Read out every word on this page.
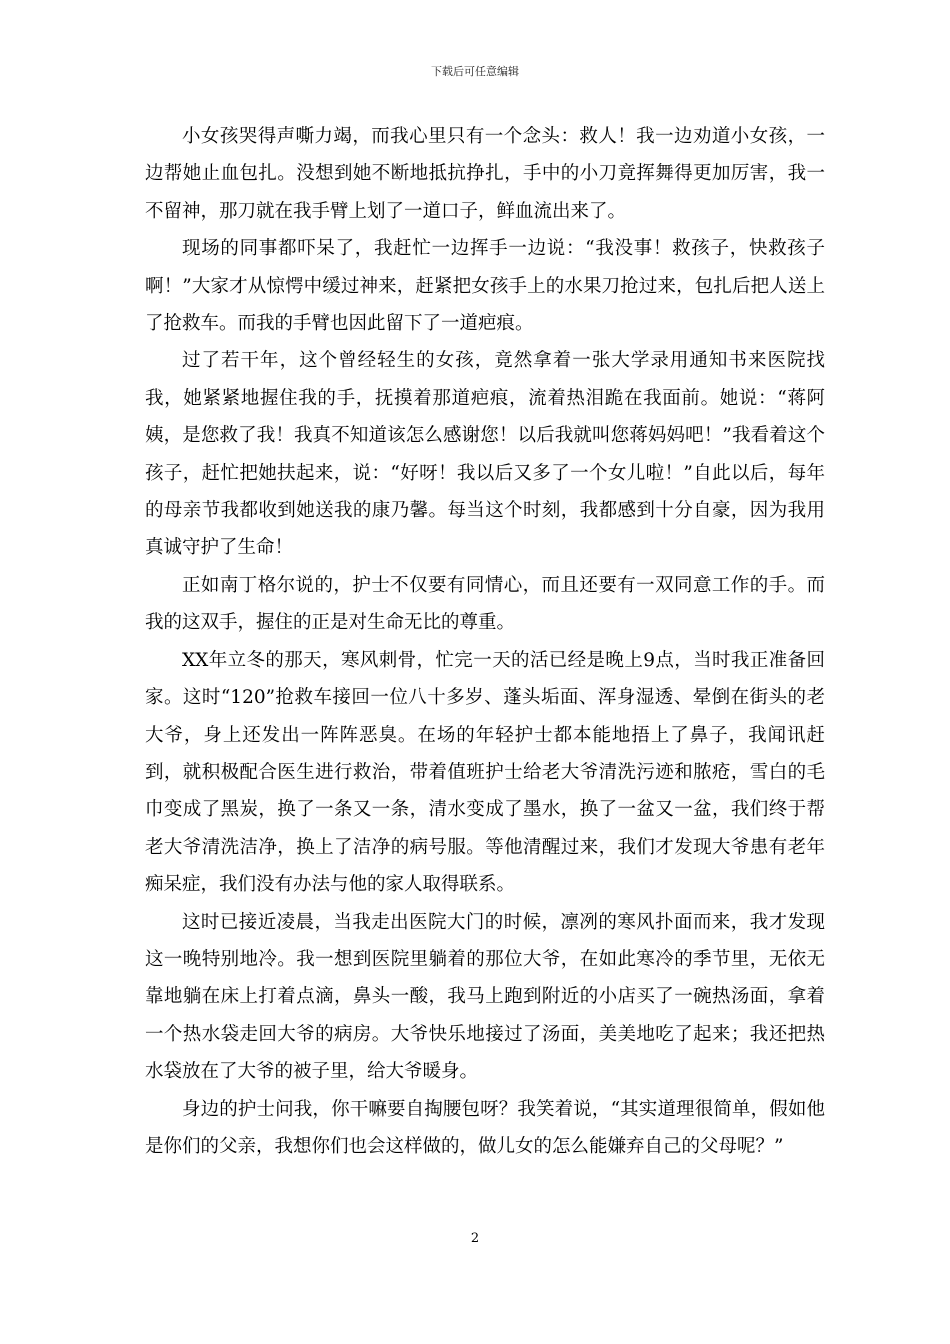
下载后可任意编辑

小女孩哭得声嘶力竭，而我心里只有一个念头：救人！我一边劝道小女孩，一边帮她止血包扎。没想到她不断地抵抗挣扎，手中的小刀竟挥舞得更加厉害，我一不留神，那刀就在我手臂上划了一道口子，鲜血流出来了。

现场的同事都吓呆了，我赶忙一边挥手一边说：“我没事！救孩子，快救孩子啊！”大家才从惊愕中缓过神来，赶紧把女孩手上的水果刀抢过来，包扎后把人送上了抢救车。而我的手臂也因此留下了一道疤痕。

过了若干年，这个曾经轻生的女孩，竟然拿着一张大学录用通知书来医院找我，她紧紧地握住我的手，抚摸着那道疤痕，流着热泪跪在我面前。她说：“蒋阿姨，是您救了我！我真不知道该怎么感谢您！以后我就叫您蒋妈妈吧！”我看着这个孩子，赶忙把她扶起来，说：“好呀！我以后又多了一个女儿啦！”自此以后，每年的母亲节我都收到她送我的康乃馨。每当这个时刻，我都感到十分自豪，因为我用真诚守护了生命！

正如南丁格尔说的，护士不仅要有同情心，而且还要有一双同意工作的手。而我的这双手，握住的正是对生命无比的尊重。

XX年立冬的那天，寒风刺骨，忙完一天的活已经是晚上9点，当时我正准备回家。这时“120”抢救车接回一位八十多岁、蓬头垢面、浑身湿透、晕倒在街头的老大爷，身上还发出一阵阵恶臭。在场的年轻护士都本能地捂上了鼻子，我闻讯赶到，就积极配合医生进行救治，带着值班护士给老大爷清洗污迹和脓疮，雪白的毛巾变成了黑炭，换了一条又一条，清水变成了墨水，换了一盆又一盆，我们终于帮老大爷清洗洁净，换上了洁净的病号服。等他清醒过来，我们才发现大爷患有老年痴呆症，我们没有办法与他的家人取得联系。

这时已接近凌晨，当我走出医院大门的时候，凛冽的寒风扑面而来，我才发现这一晚特别地冷。我一想到医院里躺着的那位大爷，在如此寒冷的季节里，无依无靠地躺在床上打着点滴，鼻头一酸，我马上跑到附近的小店买了一碗热汤面，拿着一个热水袋走回大爷的病房。大爷快乐地接过了汤面，美美地吃了起来；我还把热水袋放在了大爷的被子里，给大爷暖身。

身边的护士问我，你干嘛要自掏腰包呀？我笑着说，“其实道理很简单，假如他是你们的父亲，我想你们也会这样做的，做儿女的怎么能嫌弃自己的父母呢？”

2
